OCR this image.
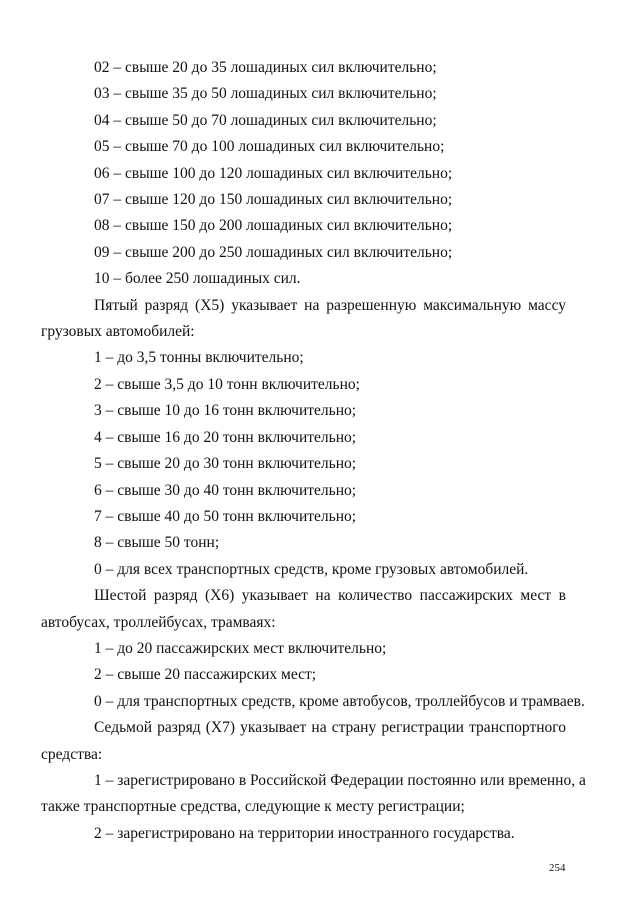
02 – свыше 20 до 35 лошадиных сил включительно;
03 – свыше 35 до 50 лошадиных сил включительно;
04 – свыше 50 до 70 лошадиных сил включительно;
05 – свыше 70 до 100 лошадиных сил включительно;
06 – свыше 100 до 120 лошадиных сил включительно;
07 – свыше 120 до 150 лошадиных сил включительно;
08 – свыше 150 до 200 лошадиных сил включительно;
09 – свыше 200 до 250 лошадиных сил включительно;
10 – более 250 лошадиных сил.
Пятый разряд (X5) указывает на разрешенную максимальную массу
грузовых автомобилей:
1 – до 3,5 тонны включительно;
2 – свыше 3,5 до 10 тонн включительно;
3 – свыше 10 до 16 тонн включительно;
4 – свыше 16 до 20 тонн включительно;
5 – свыше 20 до 30 тонн включительно;
6 – свыше 30 до 40 тонн включительно;
7 – свыше 40 до 50 тонн включительно;
8 – свыше 50 тонн;
0 – для всех транспортных средств, кроме грузовых автомобилей.
Шестой разряд (X6) указывает на количество пассажирских мест в
автобусах, троллейбусах, трамваях:
1 – до 20 пассажирских мест включительно;
2 – свыше 20 пассажирских мест;
0 – для транспортных средств, кроме автобусов, троллейбусов и трамваев.
Седьмой разряд (X7) указывает на страну регистрации транспортного
средства:
1 – зарегистрировано в Российской Федерации постоянно или временно, а
также транспортные средства, следующие к месту регистрации;
2 – зарегистрировано на территории иностранного государства.
254
